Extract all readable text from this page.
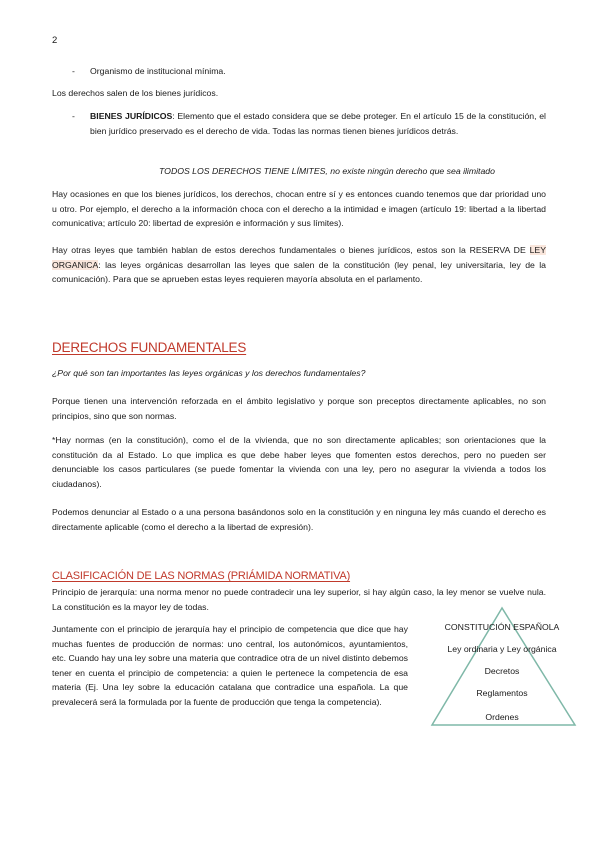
2
- Organismo de institucional mínima.
Los derechos salen de los bienes jurídicos.
- BIENES JURÍDICOS: Elemento que el estado considera que se debe proteger. En el artículo 15 de la constitución, el bien jurídico preservado es el derecho de vida. Todas las normas tienen bienes jurídicos detrás.
TODOS LOS DERECHOS TIENE LÍMITES, no existe ningún derecho que sea ilimitado
Hay ocasiones en que los bienes jurídicos, los derechos, chocan entre sí y es entonces cuando tenemos que dar prioridad uno u otro. Por ejemplo, el derecho a la información choca con el derecho a la intimidad e imagen (artículo 19: libertad a la libertad comunicativa; artículo 20: libertad de expresión e información y sus límites).
Hay otras leyes que también hablan de estos derechos fundamentales o bienes jurídicos, estos son la RESERVA DE LEY ORGANICA: las leyes orgánicas desarrollan las leyes que salen de la constitución (ley penal, ley universitaria, ley de la comunicación). Para que se aprueben estas leyes requieren mayoría absoluta en el parlamento.
DERECHOS FUNDAMENTALES
¿Por qué son tan importantes las leyes orgánicas y los derechos fundamentales?
Porque tienen una intervención reforzada en el ámbito legislativo y porque son preceptos directamente aplicables, no son principios, sino que son normas.
*Hay normas (en la constitución), como el de la vivienda, que no son directamente aplicables; son orientaciones que la constitución da al Estado. Lo que implica es que debe haber leyes que fomenten estos derechos, pero no pueden ser denunciable los casos particulares (se puede fomentar la vivienda con una ley, pero no asegurar la vivienda a todos los ciudadanos).
Podemos denunciar al Estado o a una persona basándonos solo en la constitución y en ninguna ley más cuando el derecho es directamente aplicable (como el derecho a la libertad de expresión).
CLASIFICACIÓN DE LAS NORMAS (PRIÁMIDA NORMATIVA)
Principio de jerarquía: una norma menor no puede contradecir una ley superior, si hay algún caso, la ley menor se vuelve nula. La constitución es la mayor ley de todas.
Juntamente con el principio de jerarquía hay el principio de competencia que dice que hay muchas fuentes de producción de normas: uno central, los autonómicos, ayuntamientos, etc. Cuando hay una ley sobre una materia que contradice otra de un nivel distinto debemos tener en cuenta el principio de competencia: a quien le pertenece la competencia de esa materia (Ej. Una ley sobre la educación catalana que contradice una española. La que prevalecerá será la formulada por la fuente de producción que tenga la competencia).
CONSTITUCIÓN ESPAÑOLA
Ley ordinaria y Ley orgánica
Decretos
Reglamentos
Ordenes
